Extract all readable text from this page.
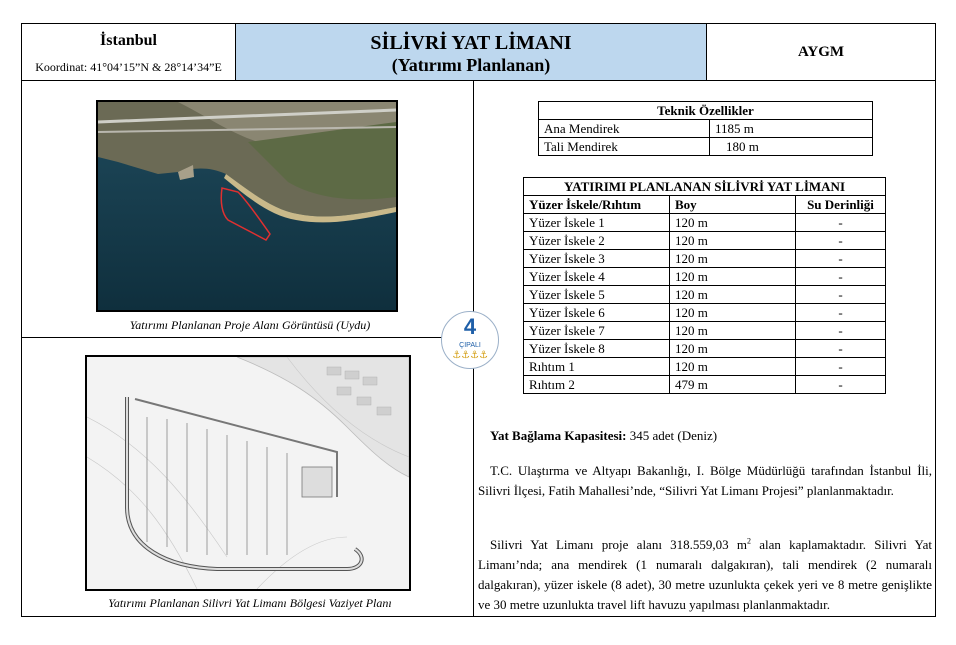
İstanbul
Koordinat: 41°04’15”N & 28°14’34”E
SİLİVRİ YAT LİMANI
(Yatırımı Planlanan)
AYGM
Yatırımı Planlanan Proje Alanı Görüntüsü (Uydu)
Yatırımı Planlanan Silivri Yat Limanı Bölgesi Vaziyet Planı
4
ÇIPALI
⚓⚓⚓⚓
Teknik Özellikler	
Ana Mendirek	1185 m
Tali Mendirek	180 m
YATIRIMI PLANLANAN SİLİVRİ YAT LİMANI		
Yüzer İskele/Rıhtım	Boy	Su Derinliği
Yüzer İskele 1	120 m	-
Yüzer İskele 2	120 m	-
Yüzer İskele 3	120 m	-
Yüzer İskele 4	120 m	-
Yüzer İskele 5	120 m	-
Yüzer İskele 6	120 m	-
Yüzer İskele 7	120 m	-
Yüzer İskele 8	120 m	-
Rıhtım 1	120 m	-
Rıhtım 2	479 m	-
Yat Bağlama Kapasitesi: 345 adet (Deniz)

T.C. Ulaştırma ve Altyapı Bakanlığı, I. Bölge Müdürlüğü tarafından İstanbul İli, Silivri İlçesi, Fatih Mahallesi’nde, “Silivri Yat Limanı Projesi” planlanmaktadır.

Silivri Yat Limanı proje alanı 318.559,03 $m^2$ alan kaplamaktadır. Silivri Yat Limanı’nda; ana mendirek (1 numaralı dalgakıran), tali mendirek (2 numaralı dalgakıran), yüzer iskele (8 adet), 30 metre uzunlukta çekek yeri ve 8 metre genişlikte ve 30 metre uzunlukta travel lift havuzu yapılması planlanmaktadır.
